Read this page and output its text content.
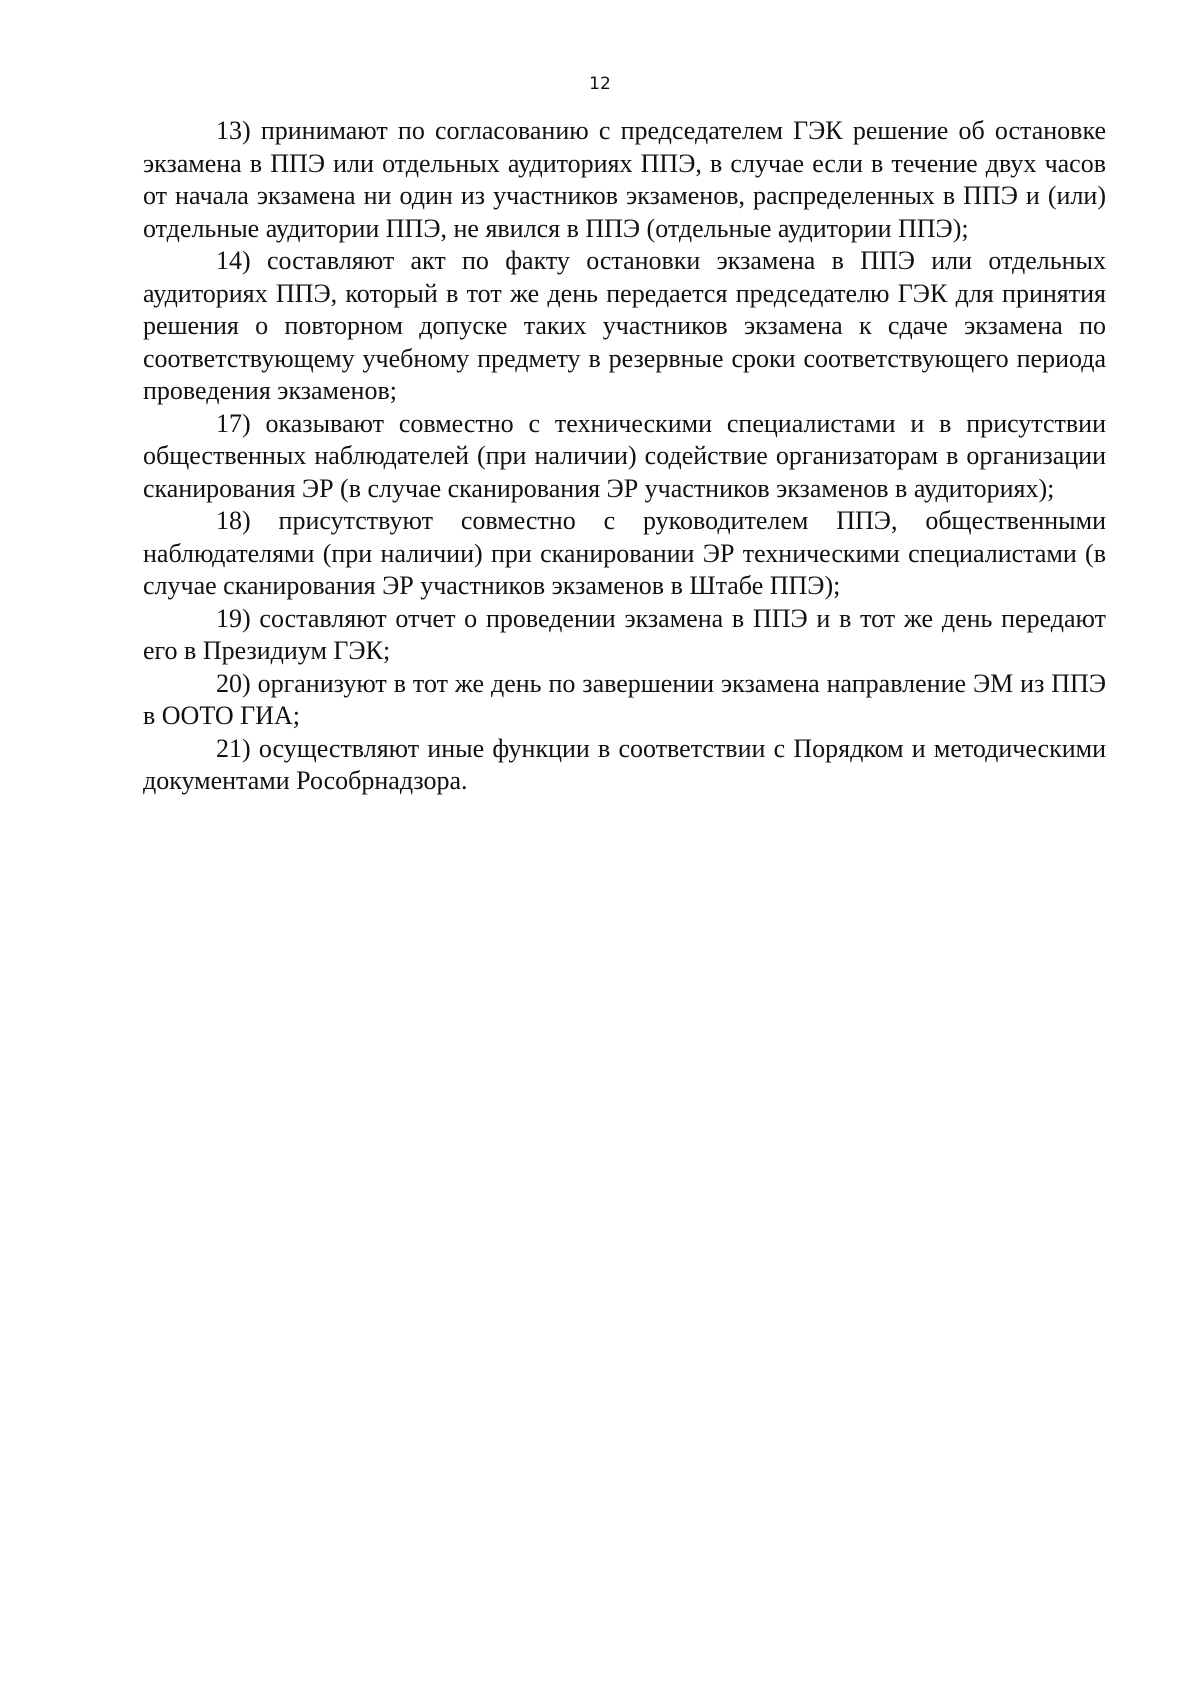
12

13) принимают по согласованию с председателем ГЭК решение об остановке экзамена в ППЭ или отдельных аудиториях ППЭ, в случае если в течение двух часов от начала экзамена ни один из участников экзаменов, распределенных в ППЭ и (или) отдельные аудитории ППЭ, не явился в ППЭ (отдельные аудитории ППЭ);

14) составляют акт по факту остановки экзамена в ППЭ или отдельных аудиториях ППЭ, который в тот же день передается председателю ГЭК для принятия решения о повторном допуске таких участников экзамена к сдаче экзамена по соответствующему учебному предмету в резервные сроки соответствующего периода проведения экзаменов;

17) оказывают совместно с техническими специалистами и в присутствии общественных наблюдателей (при наличии) содействие организаторам в организации сканирования ЭР (в случае сканирования ЭР участников экзаменов в аудиториях);

18) присутствуют совместно с руководителем ППЭ, общественными наблюдателями (при наличии) при сканировании ЭР техническими специалистами (в случае сканирования ЭР участников экзаменов в Штабе ППЭ);

19) составляют отчет о проведении экзамена в ППЭ и в тот же день передают его в Президиум ГЭК;

20) организуют в тот же день по завершении экзамена направление ЭМ из ППЭ в ООТО ГИА;

21) осуществляют иные функции в соответствии с Порядком и методическими документами Рособрнадзора.
